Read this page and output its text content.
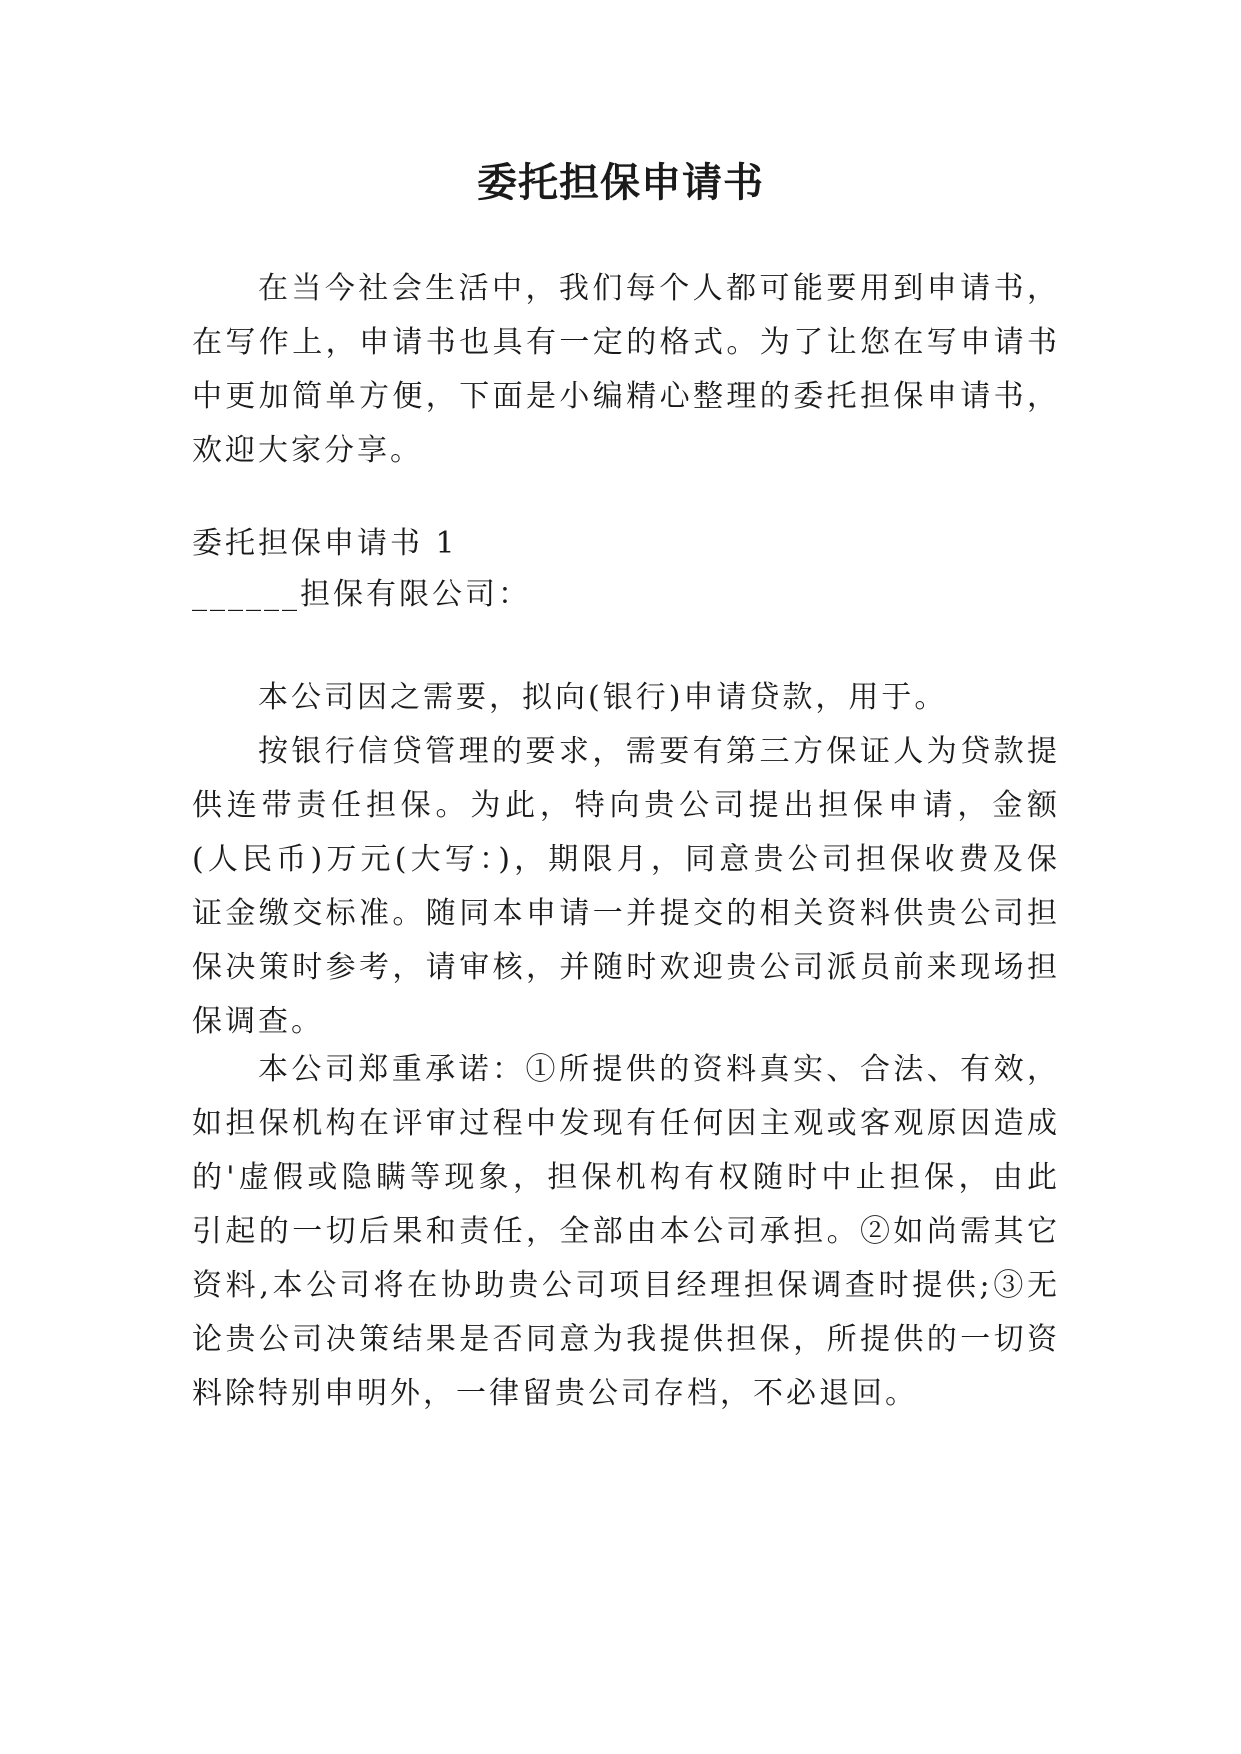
委托担保申请书

在当今社会生活中，我们每个人都可能要用到申请书，在写作上，申请书也具有一定的格式。为了让您在写申请书中更加简单方便，下面是小编精心整理的委托担保申请书，欢迎大家分享。

委托担保申请书 1

______担保有限公司：

本公司因之需要，拟向(银行)申请贷款，用于。

按银行信贷管理的要求，需要有第三方保证人为贷款提供连带责任担保。为此，特向贵公司提出担保申请，金额(人民币)万元(大写：)，期限月，同意贵公司担保收费及保证金缴交标准。随同本申请一并提交的相关资料供贵公司担保决策时参考，请审核，并随时欢迎贵公司派员前来现场担保调查。

本公司郑重承诺：①所提供的资料真实、合法、有效，如担保机构在评审过程中发现有任何因主观或客观原因造成的'虚假或隐瞒等现象，担保机构有权随时中止担保，由此引起的一切后果和责任，全部由本公司承担。②如尚需其它资料,本公司将在协助贵公司项目经理担保调查时提供;③无论贵公司决策结果是否同意为我提供担保，所提供的一切资料除特别申明外，一律留贵公司存档，不必退回。
